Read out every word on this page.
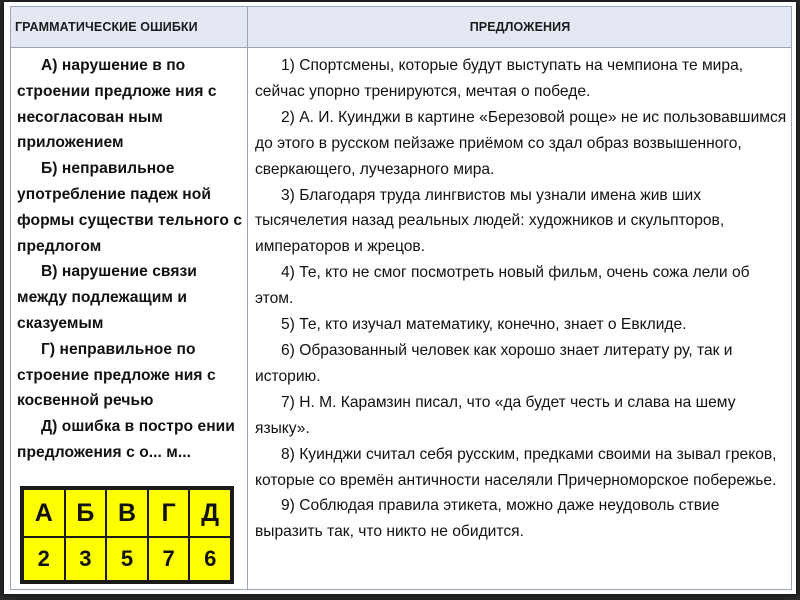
ГРАММАТИЧЕСКИЕ ОШИБКИ	ПРЕДЛОЖЕНИЯ

А) нарушение в по строении предложе ния с несогласован ным приложением

Б) неправильное употребление падеж ной формы существи тельного с предлогом

В) нарушение связи между подлежащим и сказуемым

Г) неправильное по строение предложе ния с косвенной речью

Д) ошибка в постро ении предложения с о... м...

1) Спортсмены, которые будут выступать на чемпиона те мира, сейчас упорно тренируются, мечтая о победе.

2) А. И. Куинджи в картине «Березовой роще» не ис пользовавшимся до этого в русском пейзаже приёмом со здал образ возвышенного, сверкающего, лучезарного мира.

3) Благодаря труда лингвистов мы узнали имена жив ших тысячелетия назад реальных людей: художников и скульпторов, императоров и жрецов.

4) Те, кто не смог посмотреть новый фильм, очень сожа лели об этом.

5) Те, кто изучал математику, конечно, знает о Евклиде.

6) Образованный человек как хорошо знает литерату ру, так и историю.

7) Н. М. Карамзин писал, что «да будет честь и слава на шему языку».

8) Куинджи считал себя русским, предками своими на зывал греков, которые со времён античности населяли Причерноморское побережье.

9) Соблюдая правила этикета, можно даже неудоволь ствие выразить так, что никто не обидится.

А	Б	В	Г	Д
2	3	5	7	6
